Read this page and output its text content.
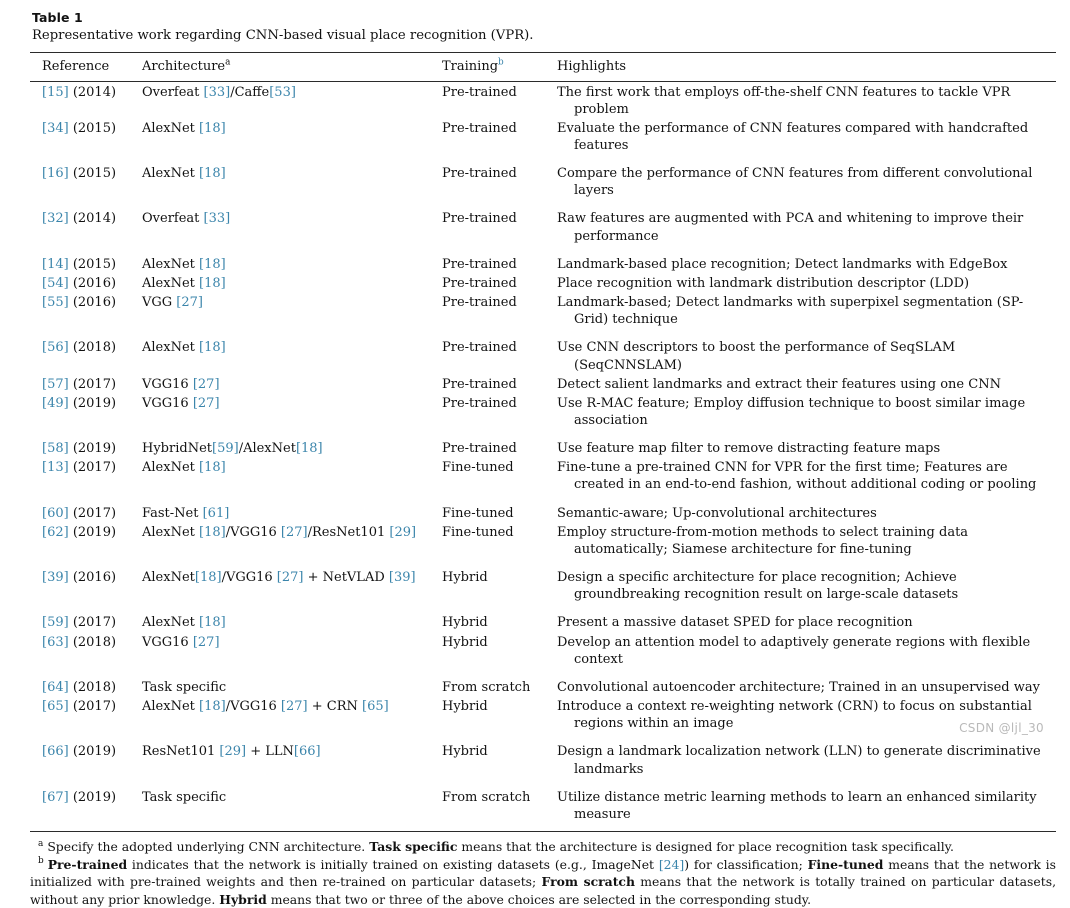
Table 1
Representative work regarding CNN-based visual place recognition (VPR).
Reference	Architecture$^a$	Training$^b$	Highlights
[15] (2014)	Overfeat [33]/Caffe[53]	Pre-trained	The first work that employs off-the-shelf CNN features to tackle VPR problem

[34] (2015)	AlexNet [18]	Pre-trained	Evaluate the performance of CNN features compared with handcrafted features

[16] (2015)	AlexNet [18]	Pre-trained	Compare the performance of CNN features from different convolutional layers

[32] (2014)	Overfeat [33]	Pre-trained	Raw features are augmented with PCA and whitening to improve their performance

[14] (2015)	AlexNet [18]	Pre-trained	Landmark-based place recognition; Detect landmarks with EdgeBox

[54] (2016)	AlexNet [18]	Pre-trained	Place recognition with landmark distribution descriptor (LDD)

[55] (2016)	VGG [27]	Pre-trained	Landmark-based; Detect landmarks with superpixel segmentation (SP-Grid) technique

[56] (2018)	AlexNet [18]	Pre-trained	Use CNN descriptors to boost the performance of SeqSLAM (SeqCNNSLAM)

[57] (2017)	VGG16 [27]	Pre-trained	Detect salient landmarks and extract their features using one CNN

[49] (2019)	VGG16 [27]	Pre-trained	Use R-MAC feature; Employ diffusion technique to boost similar image association

[58] (2019)	HybridNet[59]/AlexNet[18]	Pre-trained	Use feature map filter to remove distracting feature maps

[13] (2017)	AlexNet [18]	Fine-tuned	Fine-tune a pre-trained CNN for VPR for the first time; Features are created in an end-to-end fashion, without additional coding or pooling

[60] (2017)	Fast-Net [61]	Fine-tuned	Semantic-aware; Up-convolutional architectures

[62] (2019)	AlexNet [18]/VGG16 [27]/ResNet101 [29]	Fine-tuned	Employ structure-from-motion methods to select training data automatically; Siamese architecture for fine-tuning

[39] (2016)	AlexNet[18]/VGG16 [27] + NetVLAD [39]	Hybrid	Design a specific architecture for place recognition; Achieve groundbreaking recognition result on large-scale datasets

[59] (2017)	AlexNet [18]	Hybrid	Present a massive dataset SPED for place recognition

[63] (2018)	VGG16 [27]	Hybrid	Develop an attention model to adaptively generate regions with flexible context

[64] (2018)	Task specific	From scratch	Convolutional autoencoder architecture; Trained in an unsupervised way

[65] (2017)	AlexNet [18]/VGG16 [27] + CRN [65]	Hybrid	Introduce a context re-weighting network (CRN) to focus on substantial regions within an image

[66] (2019)	ResNet101 [29] + LLN[66]	Hybrid	Design a landmark localization network (LLN) to generate discriminative landmarks

[67] (2019)	Task specific	From scratch	Utilize distance metric learning methods to learn an enhanced similarity measure
$^a$ Specify the adopted underlying CNN architecture. Task specific means that the architecture is designed for place recognition task specifically.
$^b$ Pre-trained indicates that the network is initially trained on existing datasets (e.g., ImageNet [24]) for classification; Fine-tuned means that the network is initialized with pre-trained weights and then re-trained on particular datasets; From scratch means that the network is totally trained on particular datasets, without any prior knowledge. Hybrid means that two or three of the above choices are selected in the corresponding study.
CSDN @ljl_30
